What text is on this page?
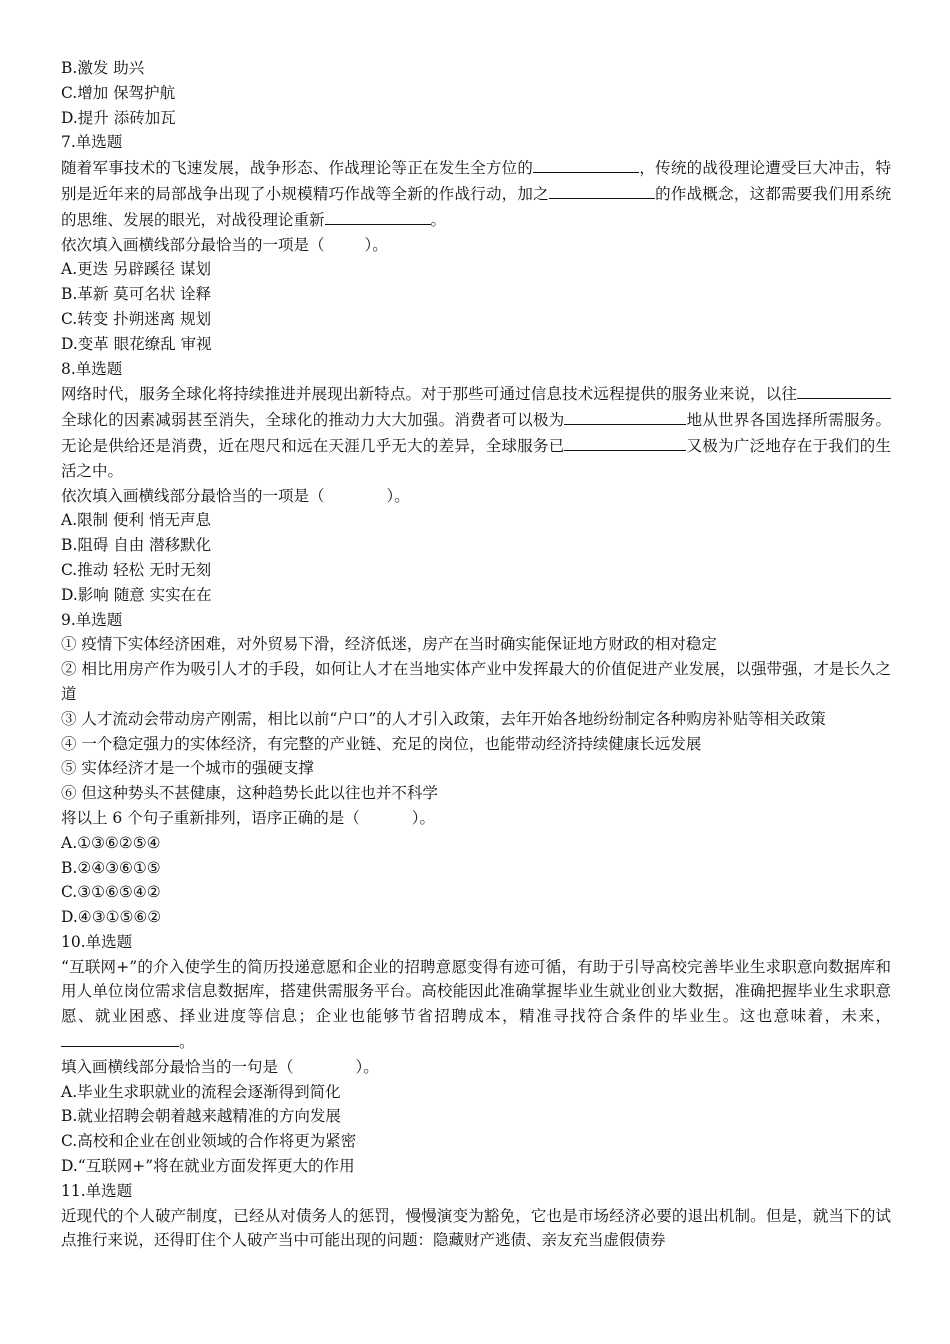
B.激发 助兴

C.增加 保驾护航

D.提升 添砖加瓦

7.单选题

随着军事技术的飞速发展，战争形态、作战理论等正在发生全方位的	，传统的战役理论遭受巨大冲击，特别是近年来的局部战争出现了小规模精巧作战等全新的作战行动，加之	的作战概念，这都需要我们用系统的思维、发展的眼光，对战役理论重新	。

依次填入画横线部分最恰当的一项是（	）。

A.更迭 另辟蹊径 谋划

B.革新 莫可名状 诠释

C.转变 扑朔迷离 规划

D.变革 眼花缭乱 审视

8.单选题

网络时代，服务全球化将持续推进并展现出新特点。对于那些可通过信息技术远程提供的服务业来说，以往全球化的因素减弱甚至消失，全球化的推动力大大加强。消费者可以极为	地从世界各国选择所需服务。无论是供给还是消费，近在咫尺和远在天涯几乎无大的差异，全球服务已	又极为广泛地存在于我们的生活之中。

依次填入画横线部分最恰当的一项是（	）。

A.限制 便利 悄无声息

B.阻碍 自由 潜移默化

C.推动 轻松 无时无刻

D.影响 随意 实实在在

9.单选题

① 疫情下实体经济困难，对外贸易下滑，经济低迷，房产在当时确实能保证地方财政的相对稳定

② 相比用房产作为吸引人才的手段，如何让人才在当地实体产业中发挥最大的价值促进产业发展，以强带强，才是长久之道

③ 人才流动会带动房产刚需，相比以前“户口”的人才引入政策，去年开始各地纷纷制定各种购房补贴等相关政策

④ 一个稳定强力的实体经济，有完整的产业链、充足的岗位，也能带动经济持续健康长远发展

⑤ 实体经济才是一个城市的强硬支撑

⑥ 但这种势头不甚健康，这种趋势长此以往也并不科学

将以上 6 个句子重新排列，语序正确的是（	）。

A.①③⑥②⑤④

B.②④③⑥①⑤

C.③①⑥⑤④②

D.④③①⑤⑥②

10.单选题

“互联网+”的介入使学生的简历投递意愿和企业的招聘意愿变得有迹可循，有助于引导高校完善毕业生求职意向数据库和用人单位岗位需求信息数据库，搭建供需服务平台。高校能因此准确掌握毕业生就业创业大数据，准确把握毕业生求职意愿、就业困惑、择业进度等信息；企业也能够节省招聘成本，精准寻找符合条件的毕业生。这也意味着，未来，。

填入画横线部分最恰当的一句是（	）。

A.毕业生求职就业的流程会逐渐得到简化

B.就业招聘会朝着越来越精准的方向发展

C.高校和企业在创业领域的合作将更为紧密

D.“互联网+”将在就业方面发挥更大的作用

11.单选题

近现代的个人破产制度，已经从对债务人的惩罚，慢慢演变为豁免，它也是市场经济必要的退出机制。但是，就当下的试点推行来说，还得盯住个人破产当中可能出现的问题：隐藏财产逃债、亲友充当虚假债券
